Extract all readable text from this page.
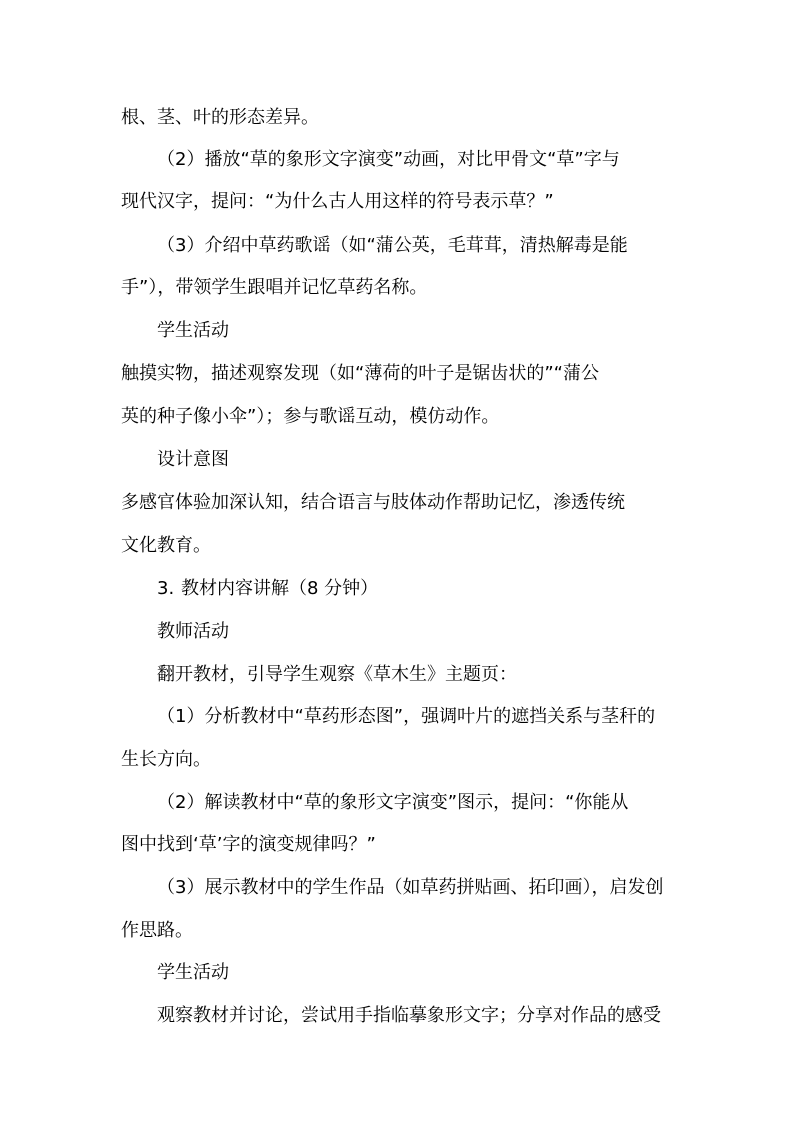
根、茎、叶的形态差异。
（2）播放“草的象形文字演变”动画，对比甲骨文“草”字与
现代汉字，提问：“为什么古人用这样的符号表示草？”
（3）介绍中草药歌谣（如“蒲公英，毛茸茸，清热解毒是能
手”），带领学生跟唱并记忆草药名称。
学生活动
触摸实物，描述观察发现（如“薄荷的叶子是锯齿状的”“蒲公
英的种子像小伞”）；参与歌谣互动，模仿动作。
设计意图
多感官体验加深认知，结合语言与肢体动作帮助记忆，渗透传统
文化教育。
3. 教材内容讲解（8 分钟）
教师活动
翻开教材，引导学生观察《草木生》主题页：
（1）分析教材中“草药形态图”，强调叶片的遮挡关系与茎秆的
生长方向。
（2）解读教材中“草的象形文字演变”图示，提问：“你能从
图中找到‘草’字的演变规律吗？”
（3）展示教材中的学生作品（如草药拼贴画、拓印画），启发创
作思路。
学生活动
观察教材并讨论，尝试用手指临摹象形文字；分享对作品的感受
